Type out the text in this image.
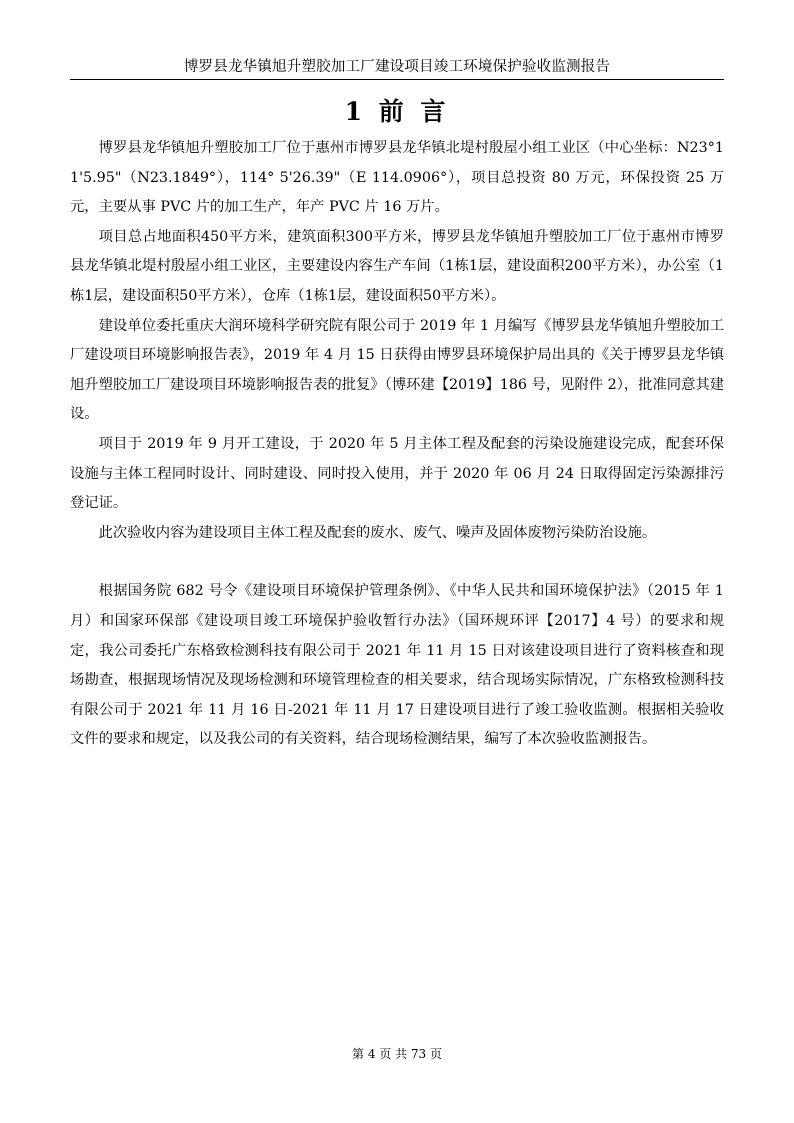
博罗县龙华镇旭升塑胶加工厂建设项目竣工环境保护验收监测报告
1 前 言

博罗县龙华镇旭升塑胶加工厂位于惠州市博罗县龙华镇北堤村殷屋小组工业区（中心坐标：N23°11'5.95"（N23.1849°），114° 5'26.39"（E 114.0906°），项目总投资 80 万元，环保投资 25 万元，主要从事 PVC 片的加工生产，年产 PVC 片 16 万片。

项目总占地面积450平方米，建筑面积300平方米，博罗县龙华镇旭升塑胶加工厂位于惠州市博罗县龙华镇北堤村殷屋小组工业区，主要建设内容生产车间（1栋1层，建设面积200平方米），办公室（1栋1层，建设面积50平方米），仓库（1栋1层，建设面积50平方米）。

建设单位委托重庆大润环境科学研究院有限公司于 2019 年 1 月编写《博罗县龙华镇旭升塑胶加工厂建设项目环境影响报告表》，2019 年 4 月 15 日获得由博罗县环境保护局出具的《关于博罗县龙华镇旭升塑胶加工厂建设项目环境影响报告表的批复》（博环建【2019】186 号，见附件 2），批准同意其建设。

项目于 2019 年 9 月开工建设，于 2020 年 5 月主体工程及配套的污染设施建设完成，配套环保设施与主体工程同时设计、同时建设、同时投入使用，并于 2020 年 06 月 24 日取得固定污染源排污登记证。

此次验收内容为建设项目主体工程及配套的废水、废气、噪声及固体废物污染防治设施。

根据国务院 682 号令《建设项目环境保护管理条例》、《中华人民共和国环境保护法》（2015 年 1 月）和国家环保部《建设项目竣工环境保护验收暂行办法》（国环规环评【2017】4 号）的要求和规定，我公司委托广东格致检测科技有限公司于 2021 年 11 月 15 日对该建设项目进行了资料核查和现场勘查，根据现场情况及现场检测和环境管理检查的相关要求，结合现场实际情况，广东格致检测科技有限公司于 2021 年 11 月 16 日-2021 年 11 月 17 日建设项目进行了竣工验收监测。根据相关验收文件的要求和规定，以及我公司的有关资料，结合现场检测结果，编写了本次验收监测报告。

第 4 页 共 73 页
